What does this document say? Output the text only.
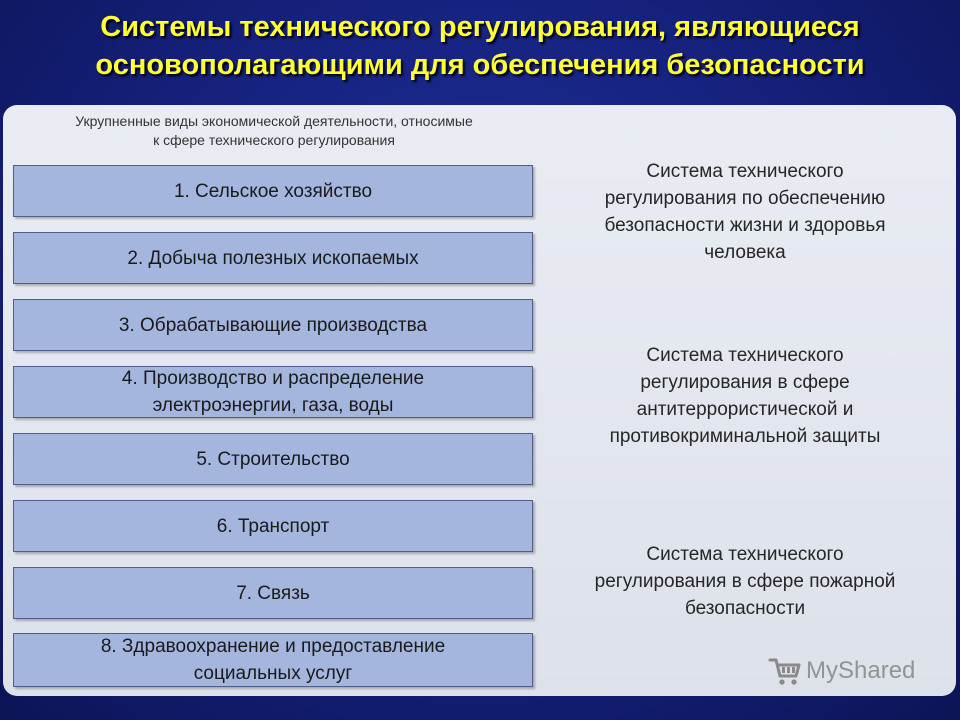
Системы технического регулирования, являющиеся
основополагающими для обеспечения безопасности
Укрупненные виды экономической деятельности, относимые
к сфере технического регулирования
1. Сельское хозяйство
2. Добыча полезных ископаемых
3. Обрабатывающие производства
4. Производство и распределение
электроэнергии, газа, воды
5. Строительство
6. Транспорт
7. Связь
8. Здравоохранение и предоставление
социальных услуг
Система технического
регулирования по обеспечению
безопасности жизни и здоровья
человека
Система технического
регулирования в сфере
антитеррористической и
противокриминальной защиты
Система технического
регулирования в сфере пожарной
безопасности
MyShared
